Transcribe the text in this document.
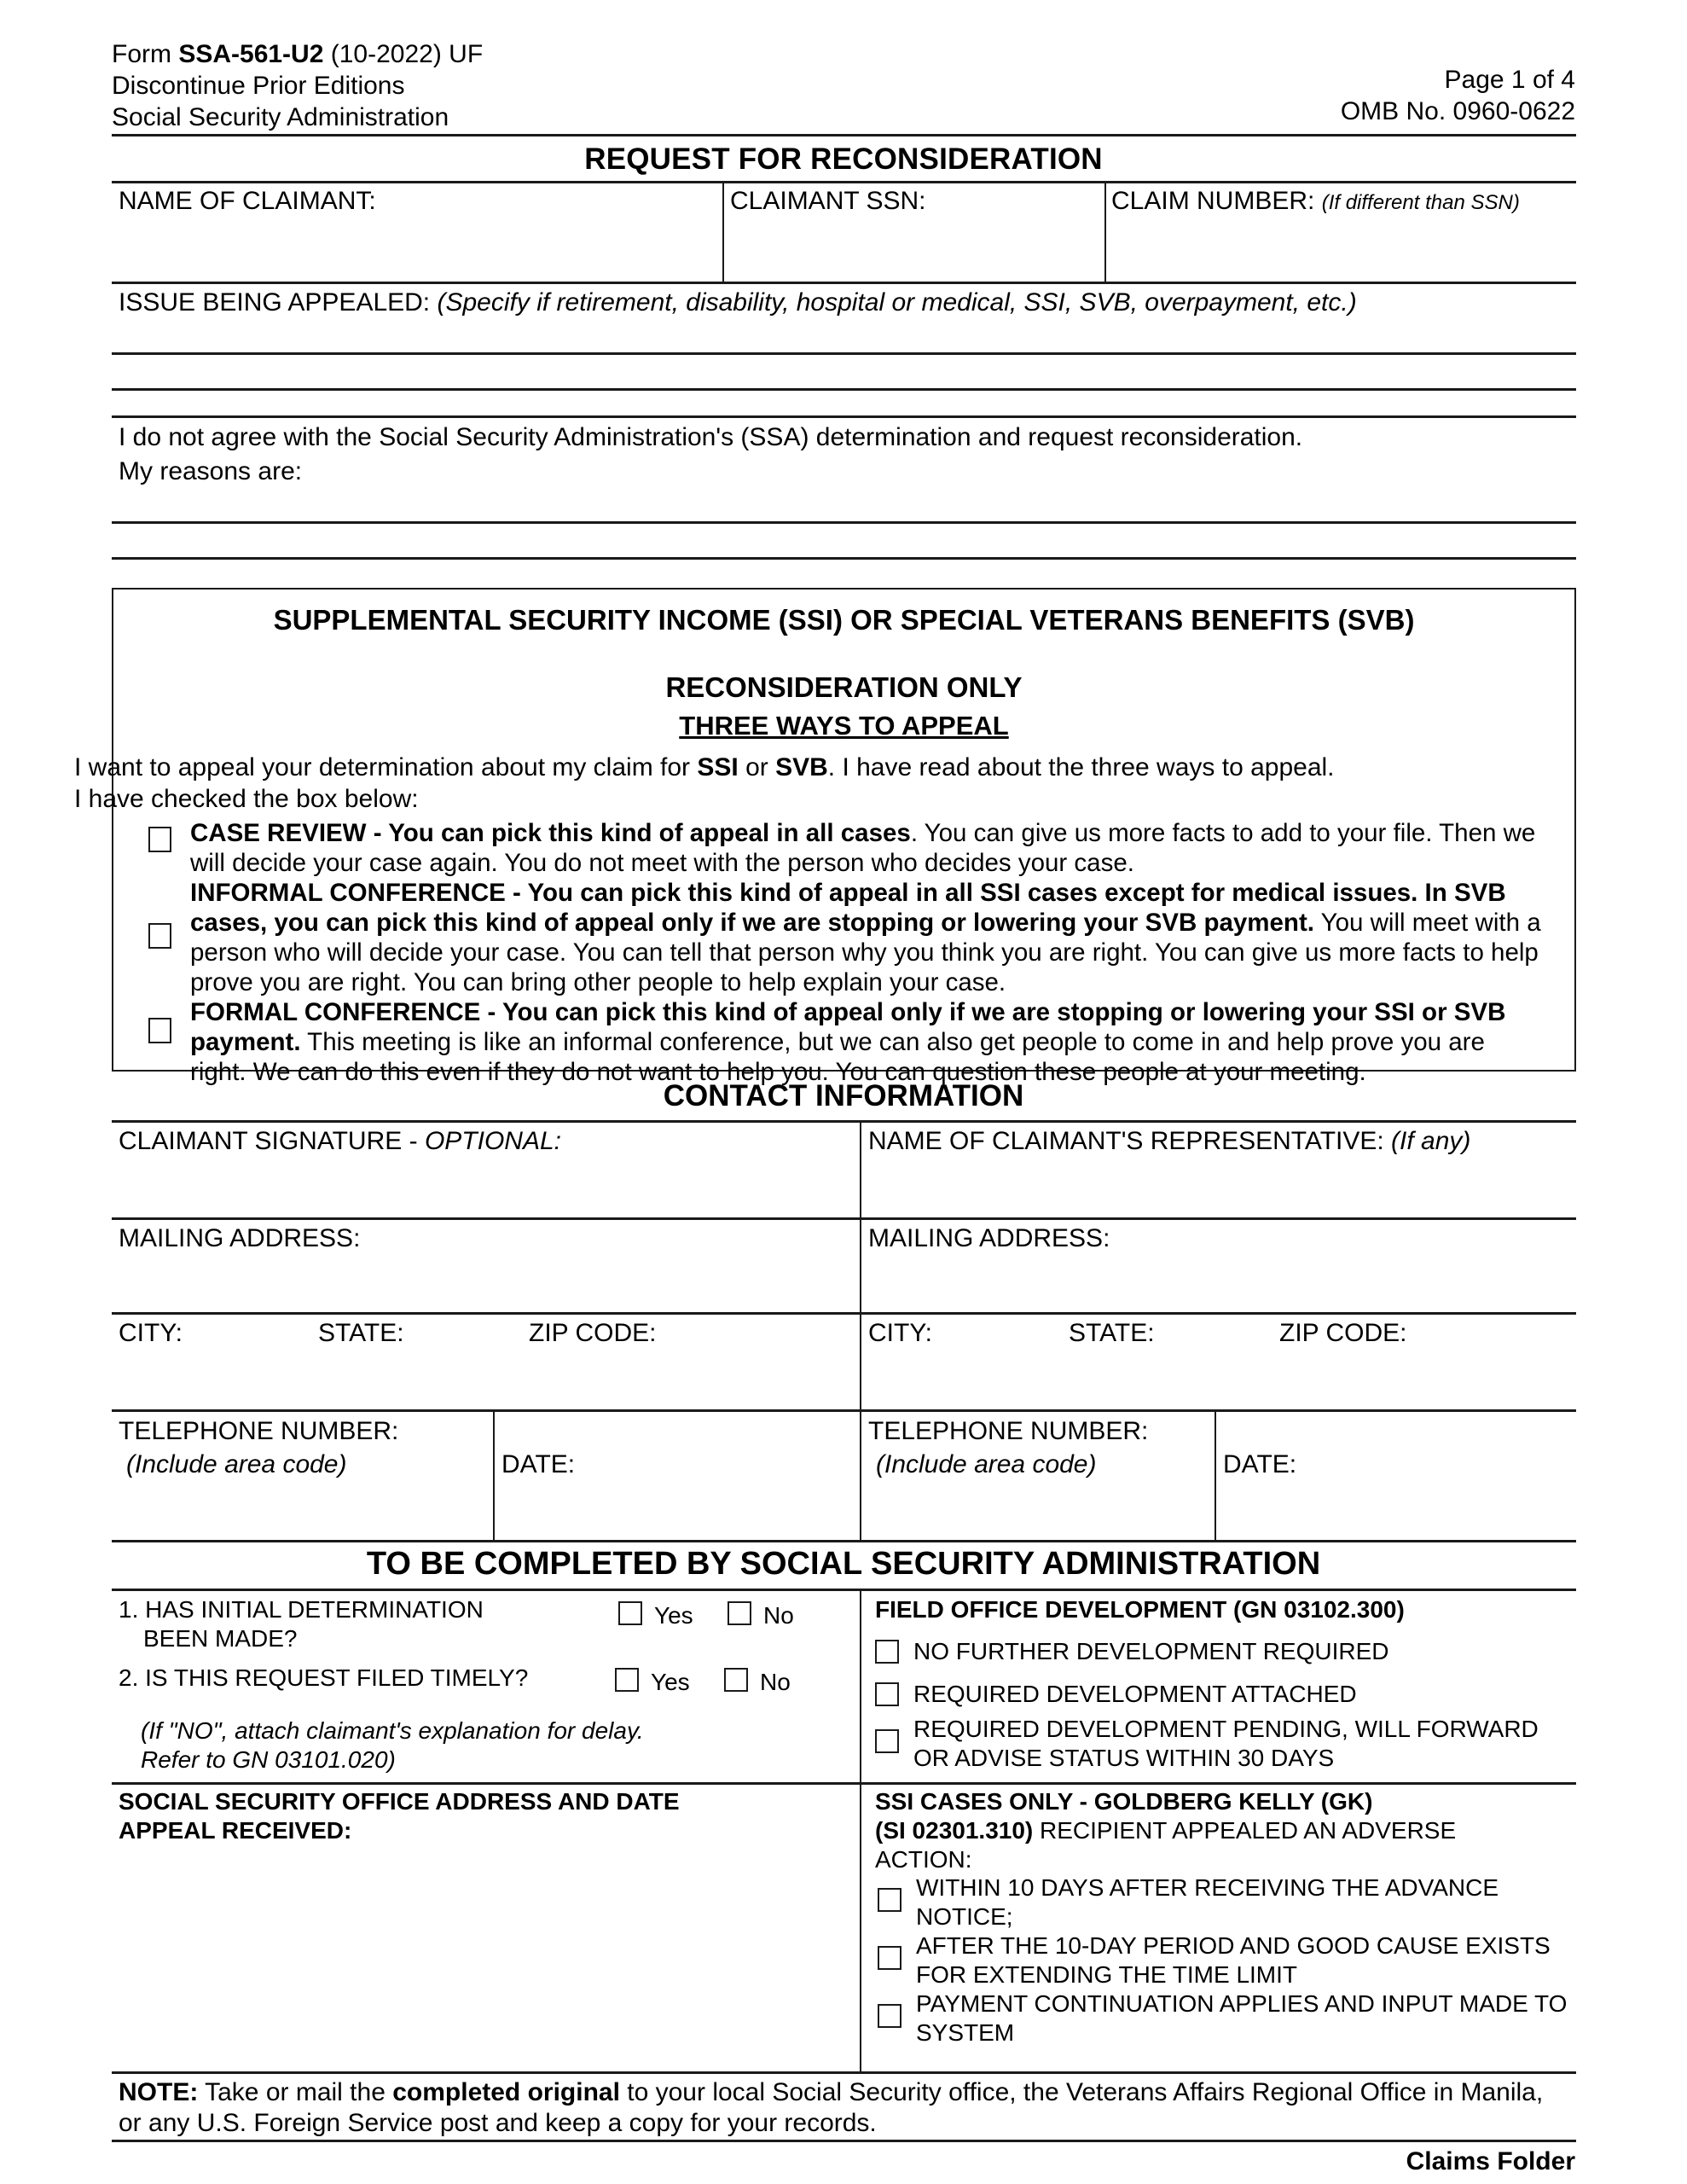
Form SSA-561-U2 (10-2022) UF
Discontinue Prior Editions
Social Security Administration
Page 1 of 4
OMB No. 0960-0622
REQUEST FOR RECONSIDERATION
NAME OF CLAIMANT:	CLAIMANT SSN:	CLAIM NUMBER: (If different than SSN)
ISSUE BEING APPEALED: (Specify if retirement, disability, hospital or medical, SSI, SVB, overpayment, etc.)
I do not agree with the Social Security Administration's (SSA) determination and request reconsideration.
My reasons are:
SUPPLEMENTAL SECURITY INCOME (SSI) OR SPECIAL VETERANS BENEFITS (SVB)
RECONSIDERATION ONLY
THREE WAYS TO APPEAL
I want to appeal your determination about my claim for SSI or SVB. I have read about the three ways to appeal.
I have checked the box below:
CASE REVIEW - You can pick this kind of appeal in all cases. You can give us more facts to add to your file. Then we will decide your case again. You do not meet with the person who decides your case.
INFORMAL CONFERENCE - You can pick this kind of appeal in all SSI cases except for medical issues. In SVB cases, you can pick this kind of appeal only if we are stopping or lowering your SVB payment. You will meet with a person who will decide your case. You can tell that person why you think you are right. You can give us more facts to help prove you are right. You can bring other people to help explain your case.
FORMAL CONFERENCE - You can pick this kind of appeal only if we are stopping or lowering your SSI or SVB payment. This meeting is like an informal conference, but we can also get people to come in and help prove you are right. We can do this even if they do not want to help you. You can question these people at your meeting.
CONTACT INFORMATION
CLAIMANT SIGNATURE - OPTIONAL:	NAME OF CLAIMANT'S REPRESENTATIVE: (If any)
MAILING ADDRESS:	MAILING ADDRESS:
CITY:	STATE:	ZIP CODE:	CITY:	STATE:	ZIP CODE:
TELEPHONE NUMBER:
(Include area code)	DATE:
TELEPHONE NUMBER:
(Include area code)	DATE:
TO BE COMPLETED BY SOCIAL SECURITY ADMINISTRATION
1. HAS INITIAL DETERMINATION
BEEN MADE?
Yes	No
2. IS THIS REQUEST FILED TIMELY?	Yes	No
(If "NO", attach claimant's explanation for delay.
Refer to GN 03101.020)
SOCIAL SECURITY OFFICE ADDRESS AND DATE
APPEAL RECEIVED:
FIELD OFFICE DEVELOPMENT (GN 03102.300)
NO FURTHER DEVELOPMENT REQUIRED
REQUIRED DEVELOPMENT ATTACHED
REQUIRED DEVELOPMENT PENDING, WILL FORWARD OR ADVISE STATUS WITHIN 30 DAYS
SSI CASES ONLY - GOLDBERG KELLY (GK)
(SI 02301.310) RECIPIENT APPEALED AN ADVERSE
ACTION:
WITHIN 10 DAYS AFTER RECEIVING THE ADVANCE NOTICE;
AFTER THE 10-DAY PERIOD AND GOOD CAUSE EXISTS FOR EXTENDING THE TIME LIMIT
PAYMENT CONTINUATION APPLIES AND INPUT MADE TO SYSTEM
NOTE: Take or mail the completed original to your local Social Security office, the Veterans Affairs Regional Office in Manila, or any U.S. Foreign Service post and keep a copy for your records.
Claims Folder
